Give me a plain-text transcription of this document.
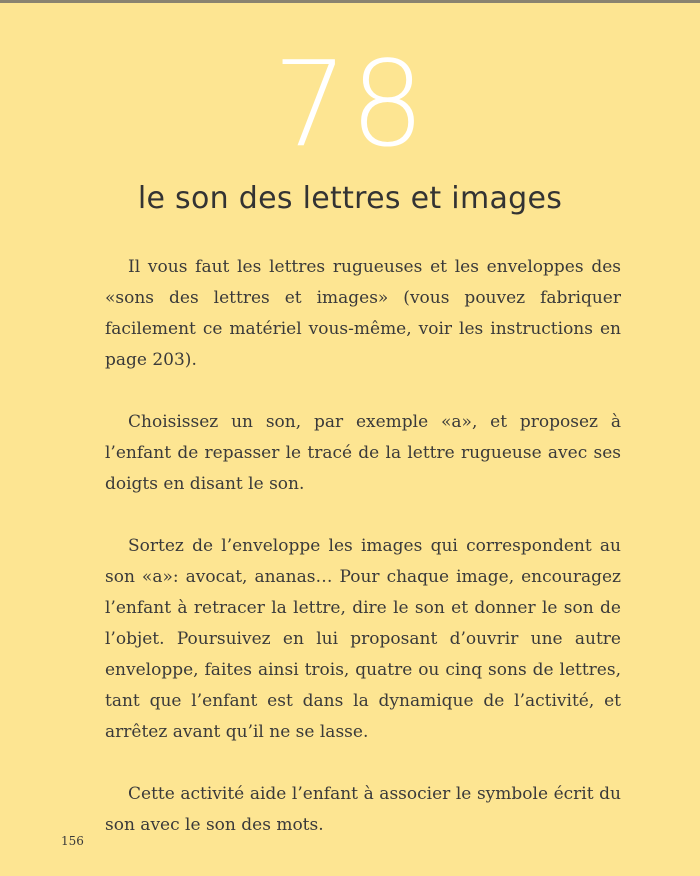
78
le son des lettres et images

Il vous faut les lettres rugueuses et les enveloppes des «sons des lettres et images» (vous pouvez fabriquer facilement ce matériel vous-même, voir les instructions en page 203).

Choisissez un son, par exemple «a», et proposez à l’enfant de repasser le tracé de la lettre rugueuse avec ses doigts en disant le son.

Sortez de l’enveloppe les images qui correspondent au son «a»: avocat, ananas… Pour chaque image, encouragez l’enfant à retracer la lettre, dire le son et donner le son de l’objet. Poursuivez en lui proposant d’ouvrir une autre enveloppe, faites ainsi trois, quatre ou cinq sons de lettres, tant que l’enfant est dans la dynamique de l’activité, et arrêtez avant qu’il ne se lasse.

Cette activité aide l’enfant à associer le symbole écrit du son avec le son des mots.

156
